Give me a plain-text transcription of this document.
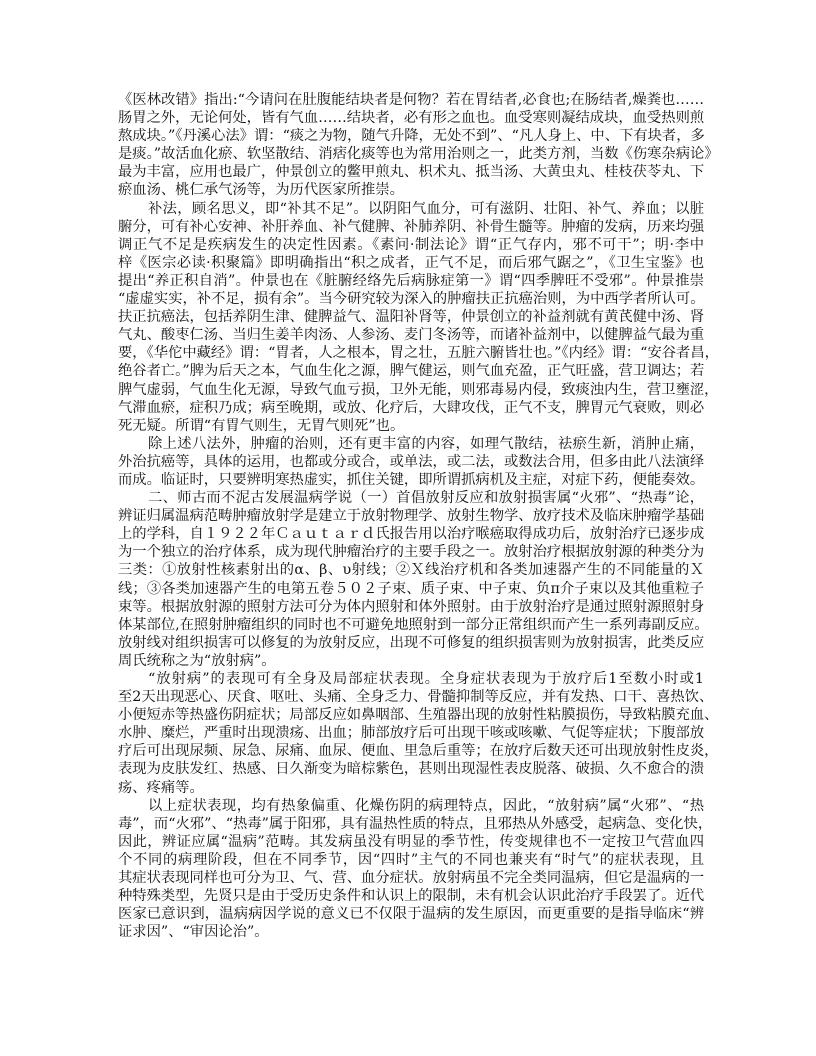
《医林改错》指出:“今请问在肚腹能结块者是何物？若在胃结者,必食也;在肠结者,燥粪也……
肠胃之外，无论何处，皆有气血……结块者，必有形之血也。血受寒则凝结成块，血受热则煎
熬成块。”《丹溪心法》谓：“痰之为物，随气升降，无处不到”、“凡人身上、中、下有块者，多
是痰。”故活血化瘀、软坚散结、消痞化痰等也为常用治则之一，此类方剂，当数《伤寒杂病论》
最为丰富，应用也最广，仲景创立的鳖甲煎丸、枳术丸、抵当汤、大黄虫丸、桂枝茯苓丸、下
瘀血汤、桃仁承气汤等，为历代医家所推崇。
补法，顾名思义，即“补其不足”。以阴阳气血分，可有滋阴、壮阳、补气、养血；以脏
腑分，可有补心安神、补肝养血、补气健脾、补肺养阴、补骨生髓等。肿瘤的发病，历来均强
调正气不足是疾病发生的决定性因素。《素问·制法论》谓“正气存内，邪不可干”；明·李中
梓《医宗必读·积聚篇》即明确指出“积之成者，正气不足，而后邪气踞之”，《卫生宝鉴》也
提出“养正积自消”。仲景也在《脏腑经络先后病脉症第一》谓“四季脾旺不受邪”。仲景推崇
“虚虚实实，补不足，损有余”。当今研究较为深入的肿瘤扶正抗癌治则，为中西学者所认可。
扶正抗癌法，包括养阴生津、健脾益气、温阳补肾等，仲景创立的补益剂就有黄芪健中汤、肾
气丸、酸枣仁汤、当归生姜羊肉汤、人参汤、麦门冬汤等，而诸补益剂中，以健脾益气最为重
要，《华佗中藏经》谓：“胃者，人之根本，胃之壮，五脏六腑皆壮也。”《内经》谓：“安谷者昌，
绝谷者亡。”脾为后天之本，气血生化之源，脾气健运，则气血充盈，正气旺盛，营卫调达；若
脾气虚弱，气血生化无源，导致气血亏损，卫外无能，则邪毒易内侵，致痰浊内生，营卫壅涩，
气滞血瘀，症积乃成；病至晚期，或放、化疗后，大肆攻伐，正气不支，脾胃元气衰败，则必
死无疑。所谓“有胃气则生，无胃气则死”也。
除上述八法外，肿瘤的治则，还有更丰富的内容，如理气散结，祛瘀生新，消肿止痛，
外治抗癌等，具体的运用，也都或分或合，或单法，或二法，或数法合用，但多由此八法演绎
而成。临证时，只要辨明寒热虚实，抓住关键，即所谓抓病机及主症，对症下药，便能奏效。
二、师古而不泥古发展温病学说（一）首倡放射反应和放射损害属“火邪”、“热毒”论，
辨证归属温病范畴肿瘤放射学是建立于放射物理学、放射生物学、放疗技术及临床肿瘤学基础
上的学科，自１９２２年Ｃａｕｔａｒｄ氏报告用以治疗喉癌取得成功后，放射治疗已逐步成
为一个独立的治疗体系，成为现代肿瘤治疗的主要手段之一。放射治疗根据放射源的种类分为
三类：①放射性核素射出的α、β、υ射线；②Ｘ线治疗机和各类加速器产生的不同能量的Ｘ
线；③各类加速器产生的电第五卷５０２子束、质子束、中子束、负π介子束以及其他重粒子
束等。根据放射源的照射方法可分为体内照射和体外照射。由于放射治疗是通过照射源照射身
体某部位,在照射肿瘤组织的同时也不可避免地照射到一部分正常组织而产生一系列毒副反应。
放射线对组织损害可以修复的为放射反应，出现不可修复的组织损害则为放射损害，此类反应
周氏统称之为“放射病”。
“放射病”的表现可有全身及局部症状表现。全身症状表现为于放疗后1至数小时或1
至2天出现恶心、厌食、呕吐、头痛、全身乏力、骨髓抑制等反应，并有发热、口干、喜热饮、
小便短赤等热盛伤阴症状；局部反应如鼻咽部、生殖器出现的放射性粘膜损伤，导致粘膜充血、
水肿、糜烂，严重时出现溃疡、出血；肺部放疗后可出现干咳或咳嗽、气促等症状；下腹部放
疗后可出现尿频、尿急、尿痛、血尿、便血、里急后重等；在放疗后数天还可出现放射性皮炎，
表现为皮肤发红、热感、日久渐变为暗棕紫色，甚则出现湿性表皮脱落、破损、久不愈合的溃
疡、疼痛等。
以上症状表现，均有热象偏重、化燥伤阴的病理特点，因此，“放射病”属“火邪”、“热
毒”，而“火邪”、“热毒”属于阳邪，具有温热性质的特点，且邪热从外感受，起病急、变化快，
因此，辨证应属“温病”范畴。其发病虽没有明显的季节性，传变规律也不一定按卫气营血四
个不同的病理阶段，但在不同季节，因“四时”主气的不同也兼夹有“时气”的症状表现，且
其症状表现同样也可分为卫、气、营、血分症状。放射病虽不完全类同温病，但它是温病的一
种特殊类型，先贤只是由于受历史条件和认识上的限制，未有机会认识此治疗手段罢了。近代
医家已意识到，温病病因学说的意义已不仅限于温病的发生原因，而更重要的是指导临床“辨
证求因”、“审因论治”。
